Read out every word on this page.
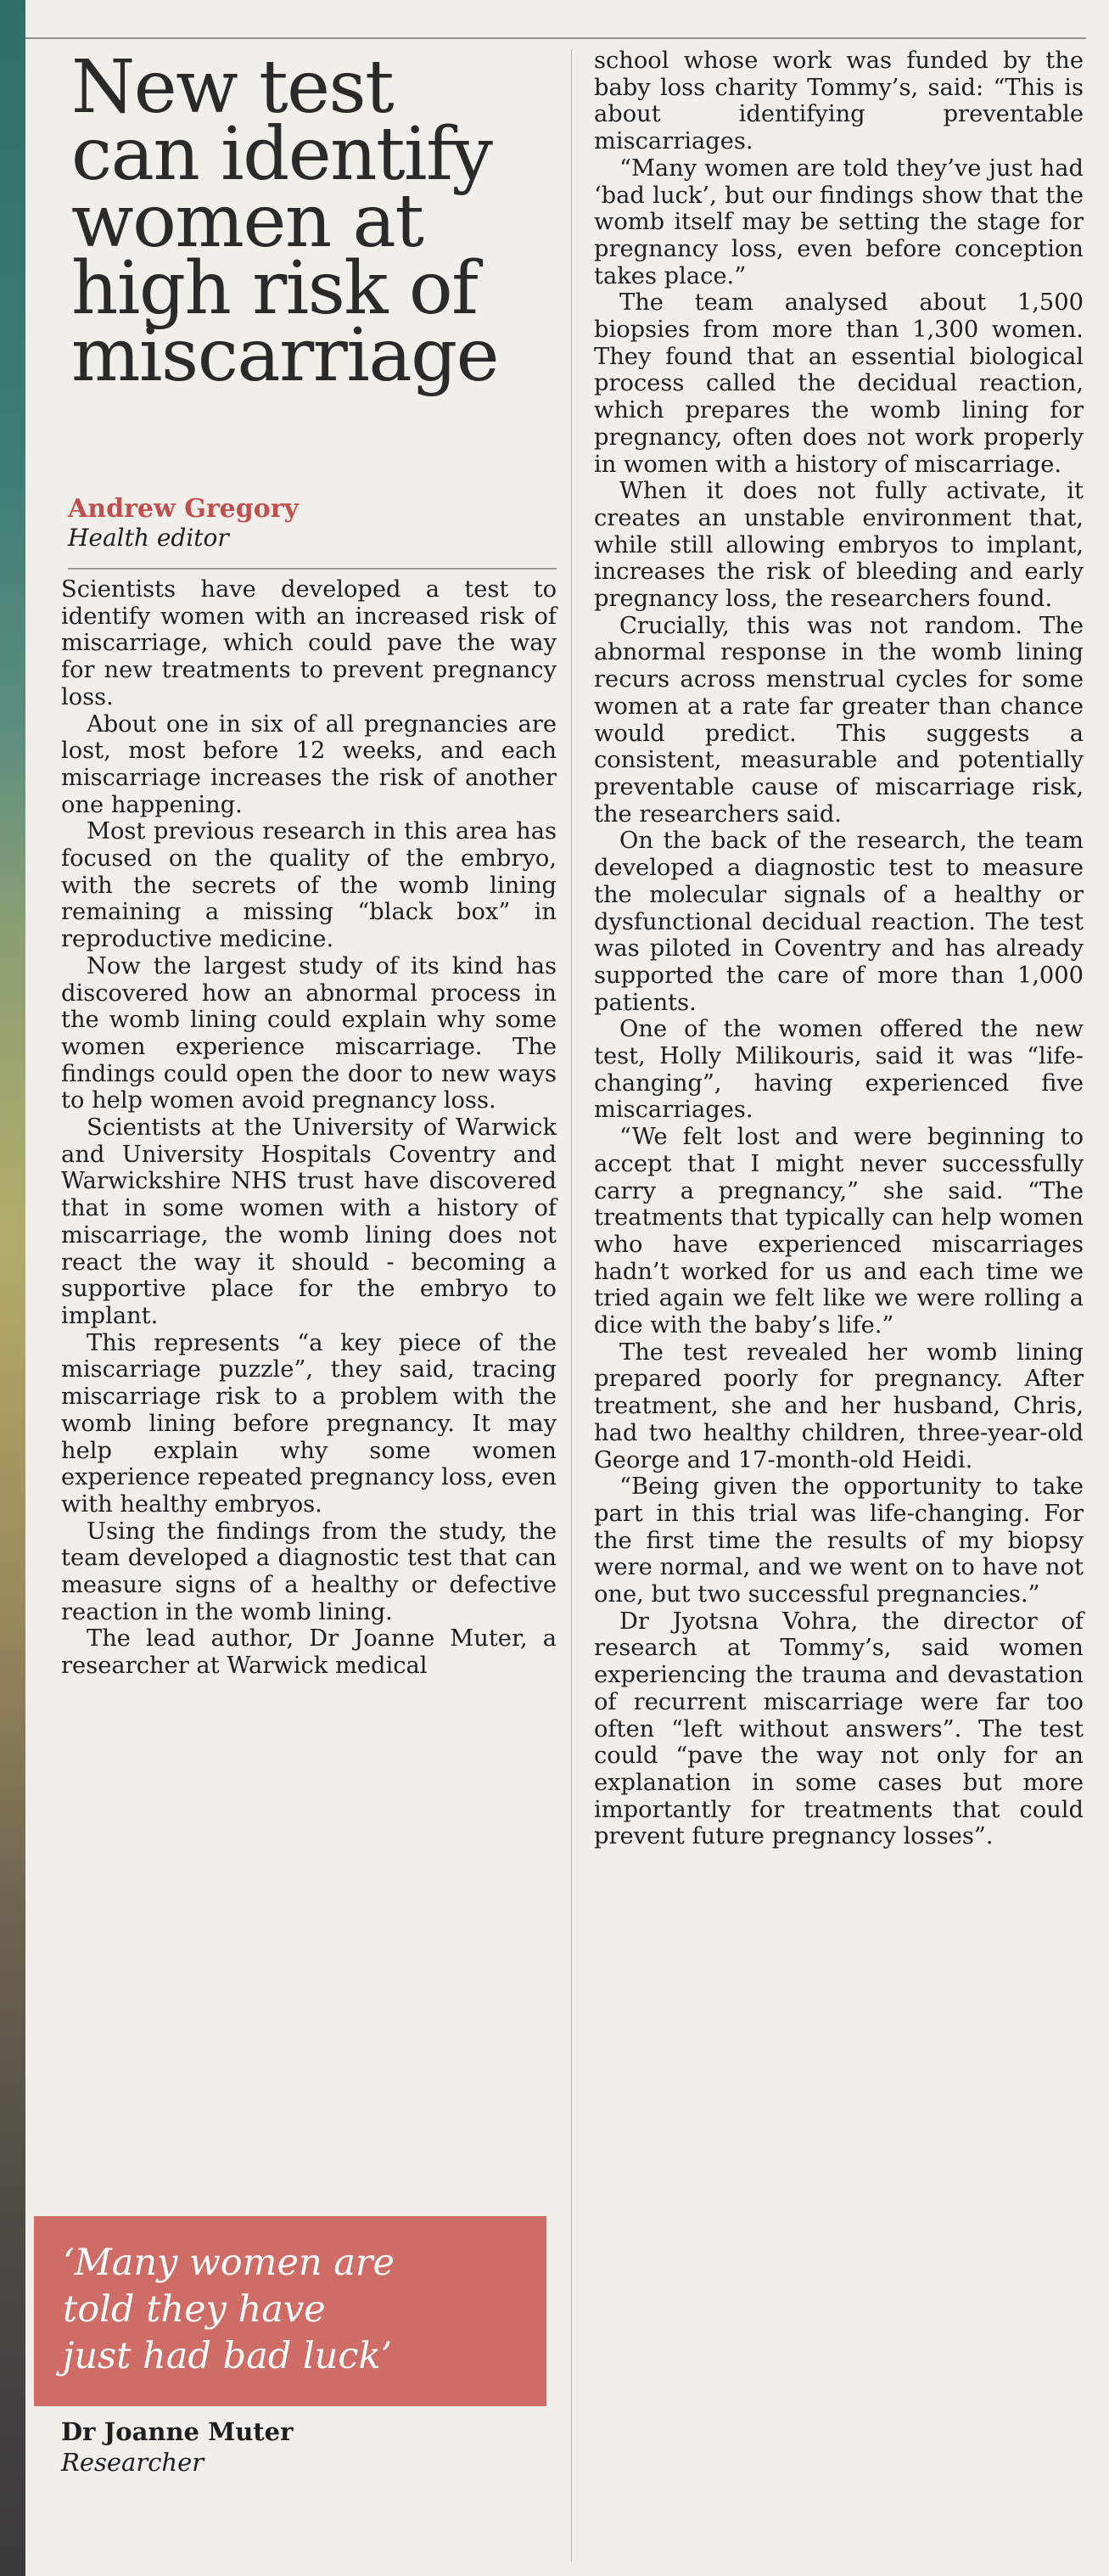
New test
can identify
women at
high risk of
miscarriage
Andrew Gregory
Health editor

Scientists have developed a test to identify women with an increased risk of miscarriage, which could pave the way for new treatments to prevent pregnancy loss.

About one in six of all pregnancies are lost, most before 12 weeks, and each miscarriage increases the risk of another one happening.

Most previous research in this area has focused on the quality of the embryo, with the secrets of the womb lining remaining a missing “black box” in reproductive medicine.

Now the largest study of its kind has discovered how an abnormal process in the womb lining could explain why some women experience miscarriage. The findings could open the door to new ways to help women avoid pregnancy loss.

Scientists at the University of Warwick and University Hospitals Coventry and Warwickshire NHS trust have discovered that in some women with a history of miscarriage, the womb lining does not react the way it should - becoming a supportive place for the embryo to implant.

This represents “a key piece of the miscarriage puzzle”, they said, tracing miscarriage risk to a problem with the womb lining before pregnancy. It may help explain why some women experience repeated pregnancy loss, even with healthy embryos.

Using the findings from the study, the team developed a diagnostic test that can measure signs of a healthy or defective reaction in the womb lining.

The lead author, Dr Joanne Muter, a researcher at Warwick medical

‘Many women are
told they have
just had bad luck’
Dr Joanne Muter
Researcher

school whose work was funded by the baby loss charity Tommy’s, said: “This is about identifying preventable miscarriages.

“Many women are told they’ve just had ‘bad luck’, but our findings show that the womb itself may be setting the stage for pregnancy loss, even before conception takes place.”

The team analysed about 1,500 biopsies from more than 1,300 women. They found that an essential biological process called the decidual reaction, which prepares the womb lining for pregnancy, often does not work properly in women with a history of miscarriage.

When it does not fully activate, it creates an unstable environment that, while still allowing embryos to implant, increases the risk of bleeding and early pregnancy loss, the researchers found.

Crucially, this was not random. The abnormal response in the womb lining recurs across menstrual cycles for some women at a rate far greater than chance would predict. This suggests a consistent, measurable and potentially preventable cause of miscarriage risk, the researchers said.

On the back of the research, the team developed a diagnostic test to measure the molecular signals of a healthy or dysfunctional decidual reaction. The test was piloted in Coventry and has already supported the care of more than 1,000 patients.

One of the women offered the new test, Holly Milikouris, said it was “life-changing”, having experienced five miscarriages.

“We felt lost and were beginning to accept that I might never successfully carry a pregnancy,” she said. “The treatments that typically can help women who have experienced miscarriages hadn’t worked for us and each time we tried again we felt like we were rolling a dice with the baby’s life.”

The test revealed her womb lining prepared poorly for pregnancy. After treatment, she and her husband, Chris, had two healthy children, three-year-old George and 17-month-old Heidi.

“Being given the opportunity to take part in this trial was life-changing. For the first time the results of my biopsy were normal, and we went on to have not one, but two successful pregnancies.”

Dr Jyotsna Vohra, the director of research at Tommy’s, said women experiencing the trauma and devastation of recurrent miscarriage were far too often “left without answers”. The test could “pave the way not only for an explanation in some cases but more importantly for treatments that could prevent future pregnancy losses”.
